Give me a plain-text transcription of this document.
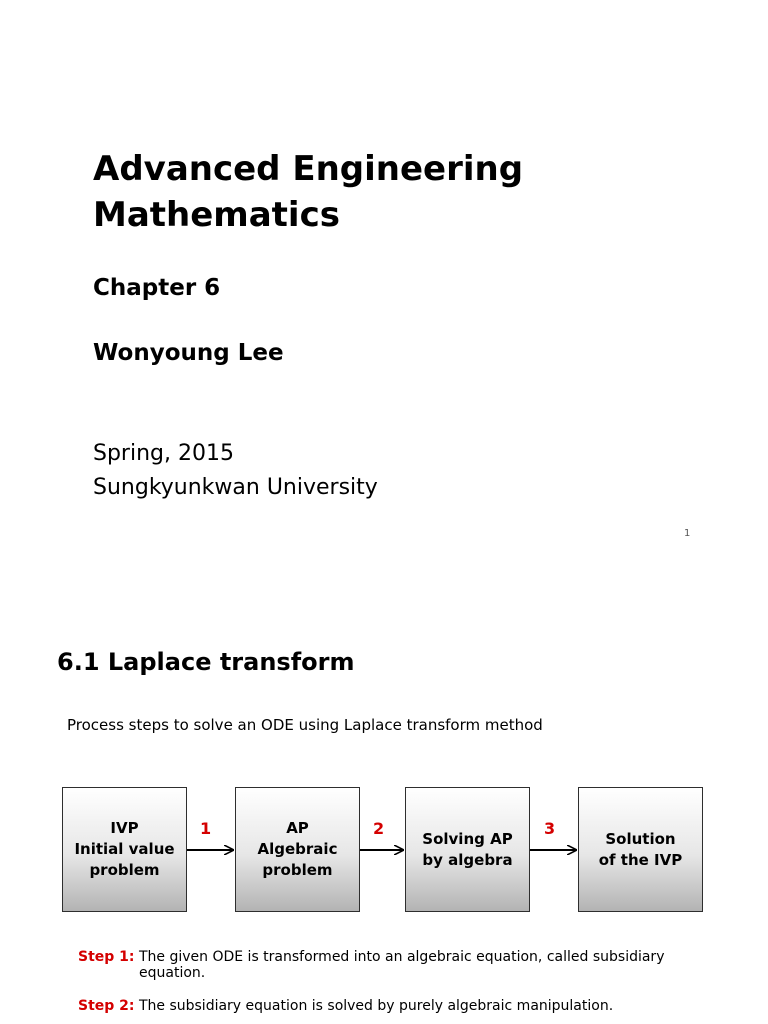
Advanced Engineering Mathematics
Chapter 6
Wonyoung Lee
Spring, 2015
Sungkyunkwan University
1
6.1 Laplace transform
Process steps to solve an ODE using Laplace transform method
IVP
Initial value
problem
AP
Algebraic
problem
Solving AP
by algebra
Solution
of the IVP
1	2	3
Step 1: The given ODE is transformed into an algebraic equation, called subsidiary
equation.
Step 2: The subsidiary equation is solved by purely algebraic manipulation.
